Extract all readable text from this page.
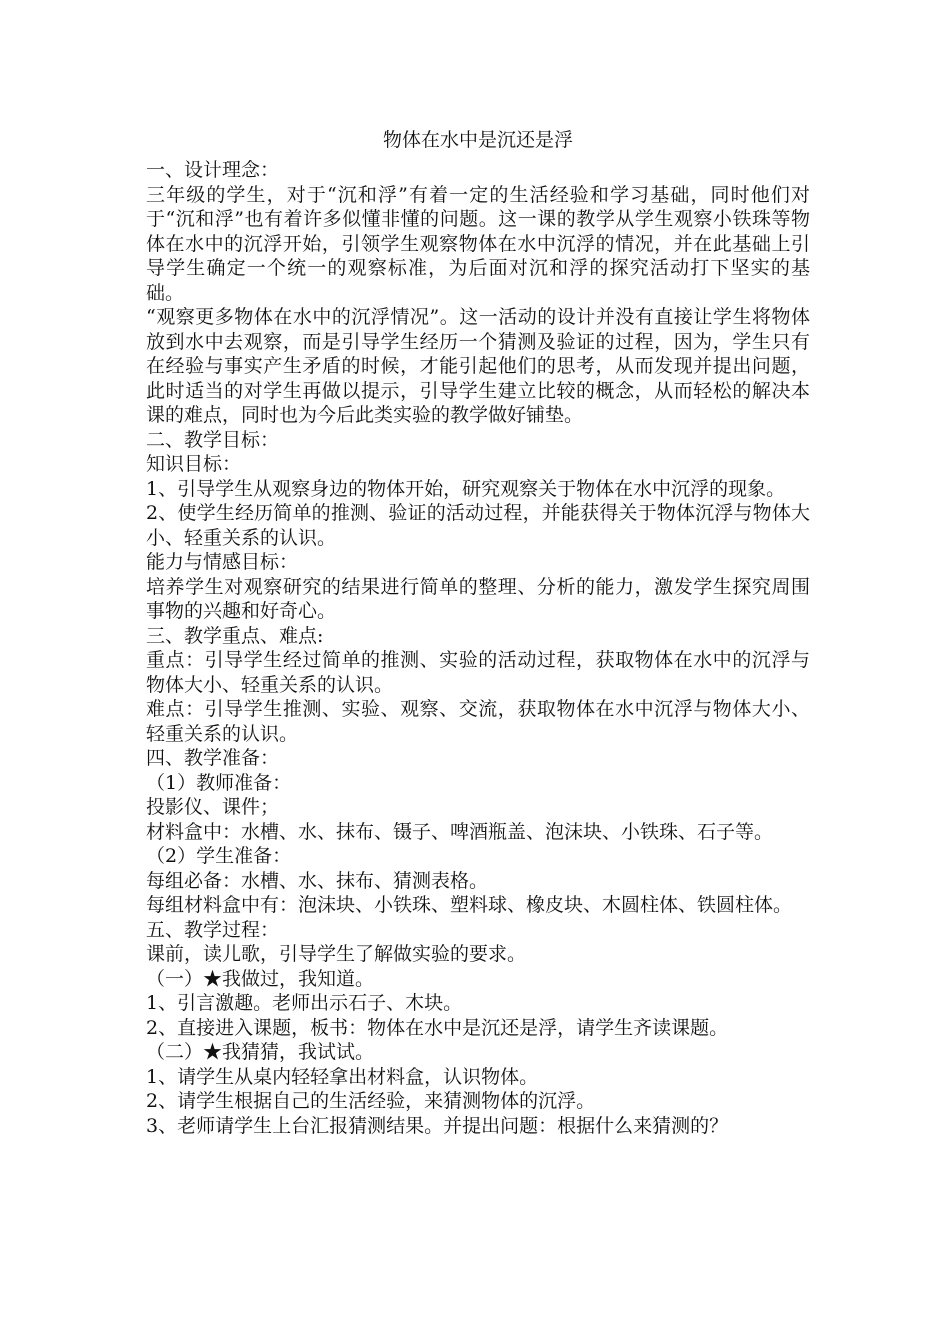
物体在水中是沉还是浮

一、设计理念：

三年级的学生，对于“沉和浮”有着一定的生活经验和学习基础，同时他们对于“沉和浮”也有着许多似懂非懂的问题。这一课的教学从学生观察小铁珠等物体在水中的沉浮开始，引领学生观察物体在水中沉浮的情况，并在此基础上引导学生确定一个统一的观察标准，为后面对沉和浮的探究活动打下坚实的基础。

“观察更多物体在水中的沉浮情况”。这一活动的设计并没有直接让学生将物体放到水中去观察，而是引导学生经历一个猜测及验证的过程，因为，学生只有在经验与事实产生矛盾的时候，才能引起他们的思考，从而发现并提出问题，此时适当的对学生再做以提示，引导学生建立比较的概念，从而轻松的解决本课的难点，同时也为今后此类实验的教学做好铺垫。

二、教学目标：

知识目标：

1、引导学生从观察身边的物体开始，研究观察关于物体在水中沉浮的现象。

2、使学生经历简单的推测、验证的活动过程，并能获得关于物体沉浮与物体大小、轻重关系的认识。

能力与情感目标：

培养学生对观察研究的结果进行简单的整理、分析的能力，激发学生探究周围事物的兴趣和好奇心。

三、教学重点、难点:

重点：引导学生经过简单的推测、实验的活动过程，获取物体在水中的沉浮与物体大小、轻重关系的认识。

难点：引导学生推测、实验、观察、交流，获取物体在水中沉浮与物体大小、轻重关系的认识。

四、教学准备：

（1）教师准备：

投影仪、课件；

材料盒中：水槽、水、抹布、镊子、啤酒瓶盖、泡沫块、小铁珠、石子等。

（2）学生准备：

每组必备：水槽、水、抹布、猜测表格。

每组材料盒中有：泡沫块、小铁珠、塑料球、橡皮块、木圆柱体、铁圆柱体。

五、教学过程：

课前，读儿歌，引导学生了解做实验的要求。

（一）★我做过，我知道。

1、引言激趣。老师出示石子、木块。

2、直接进入课题，板书：物体在水中是沉还是浮，请学生齐读课题。

（二）★我猜猜，我试试。

1、请学生从桌内轻轻拿出材料盒，认识物体。

2、请学生根据自己的生活经验，来猜测物体的沉浮。

3、老师请学生上台汇报猜测结果。并提出问题：根据什么来猜测的？
